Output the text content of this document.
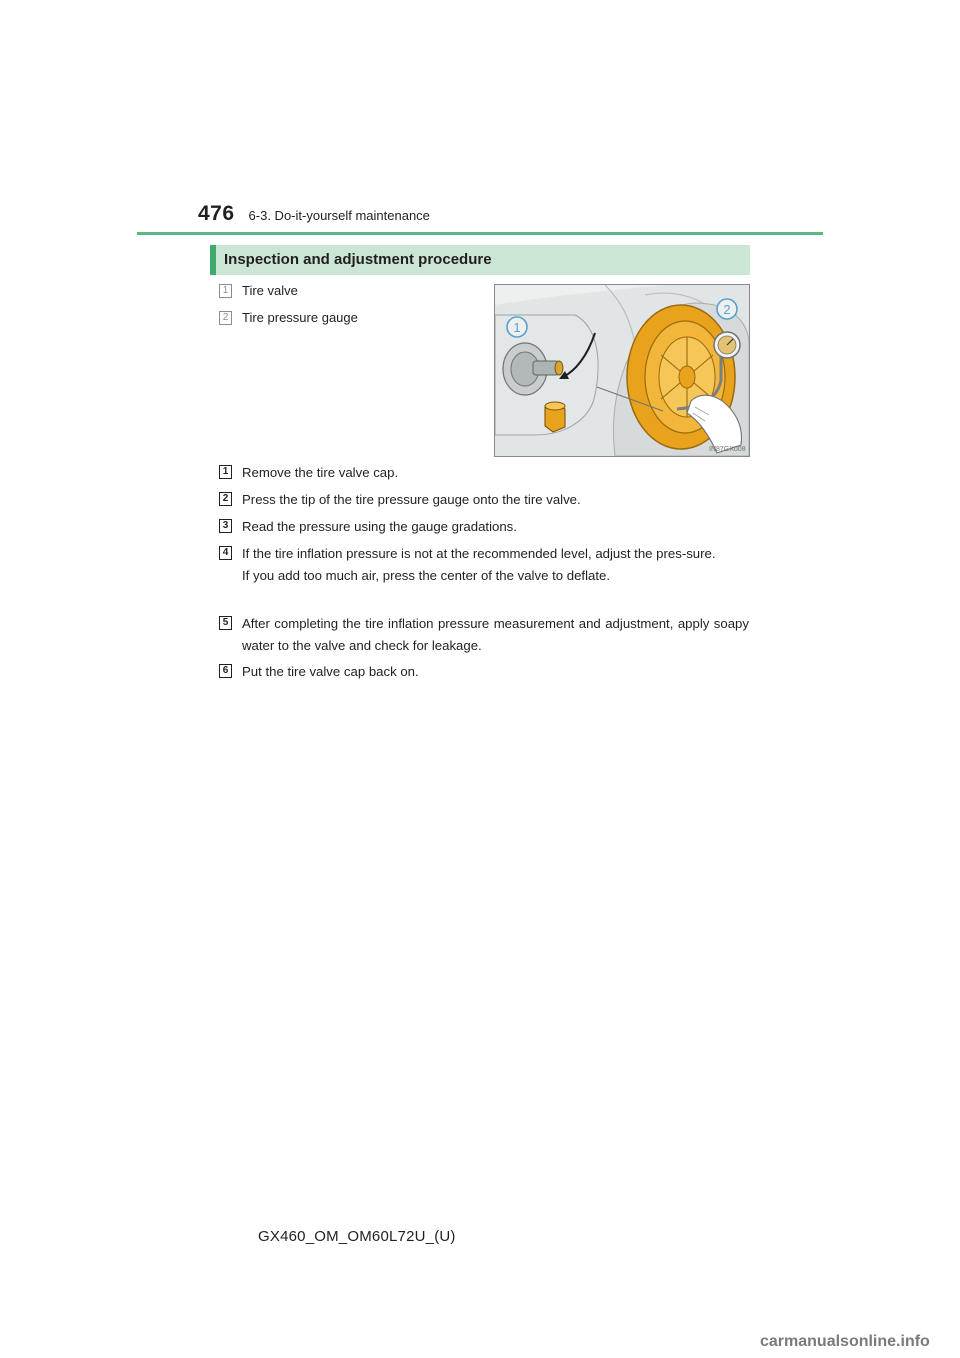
476 6-3. Do-it-yourself maintenance
Inspection and adjustment procedure
1 Tire valve
2 Tire pressure gauge
1
2
IN87GX008
1 Remove the tire valve cap.
2 Press the tip of the tire pressure gauge onto the tire valve.
3 Read the pressure using the gauge gradations.
4 If the tire inflation pressure is not at the recommended level, adjust the pres-sure.
If you add too much air, press the center of the valve to deflate.
5 After completing the tire inflation pressure measurement and adjustment, apply soapy water to the valve and check for leakage.
6 Put the tire valve cap back on.
GX460_OM_OM60L72U_(U)
carmanualsonline.info
